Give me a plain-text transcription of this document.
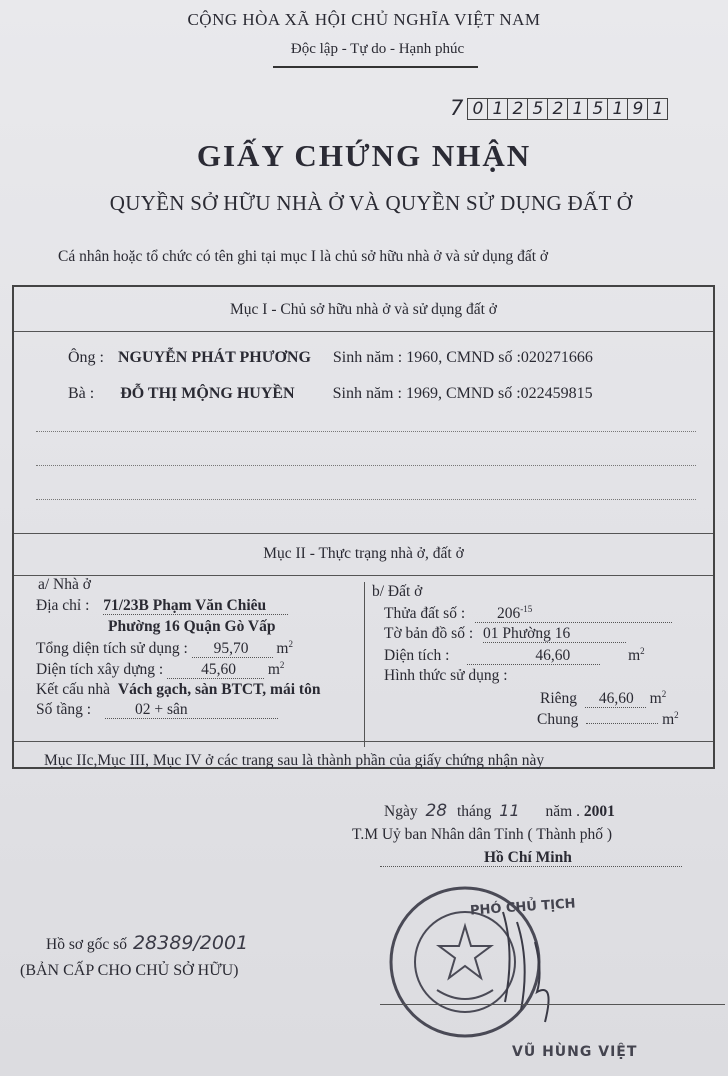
CỘNG HÒA XÃ HỘI CHỦ NGHĨA VIỆT NAM
Độc lập - Tự do - Hạnh phúc
7 0 1 2 5 2 1 5 1 9 1
GIẤY CHỨNG NHẬN
QUYỀN SỞ HỮU NHÀ Ở VÀ QUYỀN SỬ DỤNG ĐẤT Ở
Cá nhân hoặc tổ chức có tên ghi tại mục I là chủ sở hữu nhà ở và sử dụng đất ở
Mục I - Chủ sở hữu nhà ở và sử dụng đất ở
Mục II - Thực trạng nhà ở, đất ở
Mục IIc,Mục III, Mục IV ở các trang sau là thành phần của giấy chứng nhận này
Ông : NGUYỄN PHÁT PHƯƠNG Sinh năm : 1960, CMND số :020271666
Bà : ĐỖ THỊ MỘNG HUYỀN Sinh năm : 1969, CMND số :022459815
a/ Nhà ở
Địa chỉ : 71/23B Phạm Văn Chiêu
Phường 16 Quận Gò Vấp
Tổng diện tích sử dụng : 95,70 $m^2$
Diện tích xây dựng : 45,60 $m^2$
Kết cấu nhà Vách gạch, sàn BTCT, mái tôn
Số tầng :	02 + sân
b/ Đất ở
Thửa đất số : $206^{-15}$
Tờ bản đồ số : 01 Phường 16
Diện tích :	46,60	$m^2$
Hình thức sử dụng :
Riêng 46,60 $m^2$
Chung	$m^2$
Ngày 28 tháng 11 năm . 2001
T.M Uỷ ban Nhân dân Tỉnh ( Thành phố )
Hồ Chí Minh
Hồ sơ gốc số 28389/2001
(BẢN CẤP CHO CHỦ SỞ HỮU)
PHÓ CHỦ TỊCH
VŨ HÙNG VIỆT
